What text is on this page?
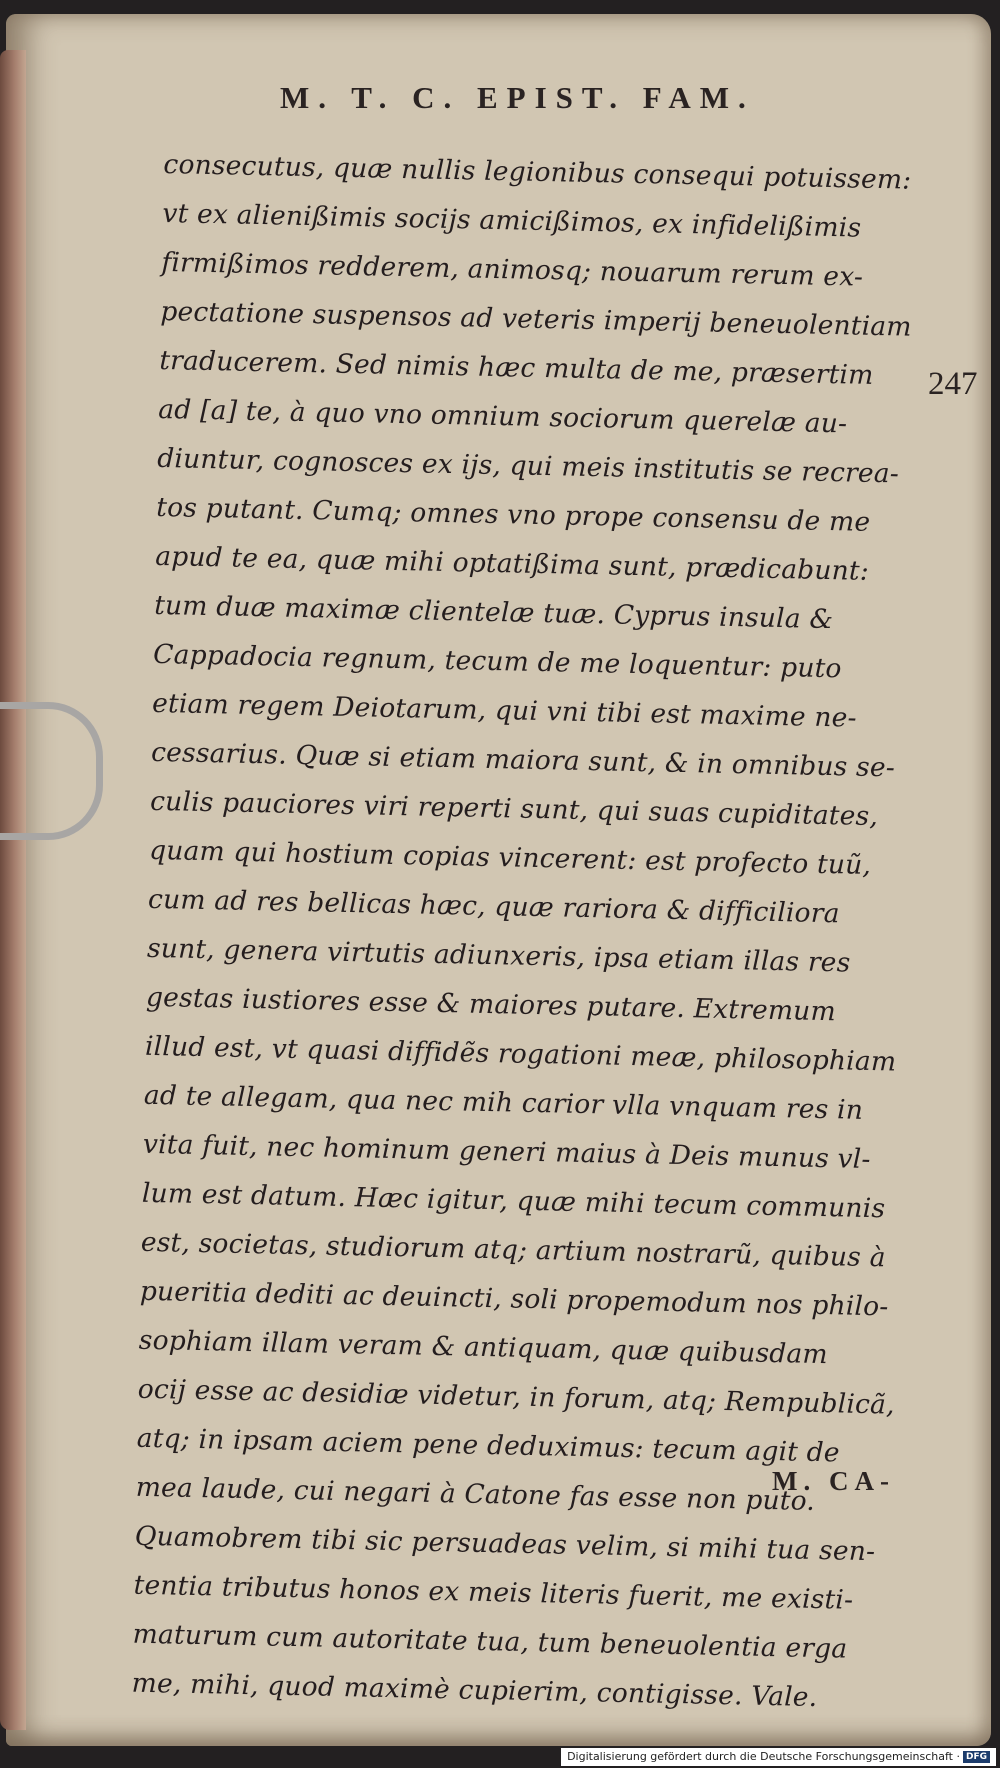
M. T. C. EPIST. FAM.

247

consecutus, quæ nullis legionibus consequi potuissem:

vt ex alienißimis socijs amicißimos, ex infidelißimis

firmißimos redderem, animosq; nouarum rerum ex-

pectatione suspensos ad veteris imperij beneuolentiam

traducerem. Sed nimis hæc multa de me, præsertim

ad [a] te, à quo vno omnium sociorum querelæ au-

diuntur, cognosces ex ijs, qui meis institutis se recrea-

tos putant. Cumq; omnes vno prope consensu de me

apud te ea, quæ mihi optatißima sunt, prædicabunt:

tum duæ maximæ clientelæ tuæ. Cyprus insula &

Cappadocia regnum, tecum de me loquentur: puto

etiam regem Deiotarum, qui vni tibi est maxime ne-

cessarius. Quæ si etiam maiora sunt, & in omnibus se-

culis pauciores viri reperti sunt, qui suas cupiditates,

quam qui hostium copias vincerent: est profecto tuũ,

cum ad res bellicas hæc, quæ rariora & difficiliora

sunt, genera virtutis adiunxeris, ipsa etiam illas res

gestas iustiores esse & maiores putare. Extremum

illud est, vt quasi diffidẽs rogationi meæ, philosophiam

ad te allegam, qua nec mih carior vlla vnquam res in

vita fuit, nec hominum generi maius à Deis munus vl-

lum est datum. Hæc igitur, quæ mihi tecum communis

est, societas, studiorum atq; artium nostrarũ, quibus à

pueritia dediti ac deuincti, soli propemodum nos philo-

sophiam illam veram & antiquam, quæ quibusdam

ocij esse ac desidiæ videtur, in forum, atq; Rempublicã,

atq; in ipsam aciem pene deduximus: tecum agit de

mea laude, cui negari à Catone fas esse non puto.

Quamobrem tibi sic persuadeas velim, si mihi tua sen-

tentia tributus honos ex meis literis fuerit, me existi-

maturum cum autoritate tua, tum beneuolentia erga

me, mihi, quod maximè cupierim, contigisse. Vale.

M. CA-

Digitalisierung gefördert durch die Deutsche Forschungsgemeinschaft · DFG
